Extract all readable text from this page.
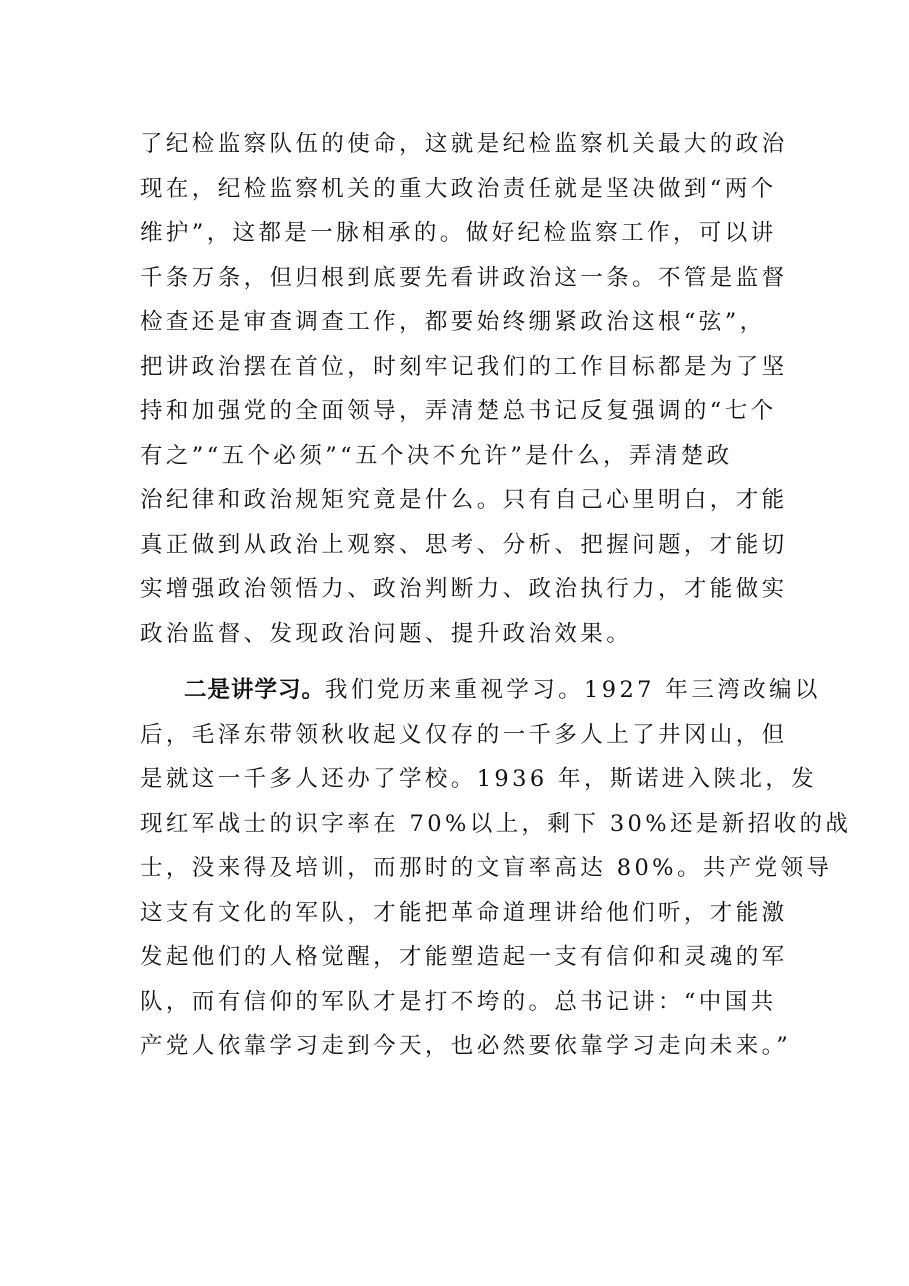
了纪检监察队伍的使命，这就是纪检监察机关最大的政治
现在，纪检监察机关的重大政治责任就是坚决做到“两个
维护”，这都是一脉相承的。做好纪检监察工作，可以讲
千条万条，但归根到底要先看讲政治这一条。不管是监督
检查还是审查调查工作，都要始终绷紧政治这根“弦”，
把讲政治摆在首位，时刻牢记我们的工作目标都是为了坚
持和加强党的全面领导，弄清楚总书记反复强调的“七个
有之”“五个必须”“五个决不允许”是什么，弄清楚政
治纪律和政治规矩究竟是什么。只有自己心里明白，才能
真正做到从政治上观察、思考、分析、把握问题，才能切
实增强政治领悟力、政治判断力、政治执行力，才能做实
政治监督、发现政治问题、提升政治效果。

二是讲学习。我们党历来重视学习。1927 年三湾改编以
后，毛泽东带领秋收起义仅存的一千多人上了井冈山，但
是就这一千多人还办了学校。1936 年，斯诺进入陕北，发
现红军战士的识字率在 70%以上，剩下 30%还是新招收的战
士，没来得及培训，而那时的文盲率高达 80%。共产党领导
这支有文化的军队，才能把革命道理讲给他们听，才能激
发起他们的人格觉醒，才能塑造起一支有信仰和灵魂的军
队，而有信仰的军队才是打不垮的。总书记讲：“中国共
产党人依靠学习走到今天，也必然要依靠学习走向未来。”
